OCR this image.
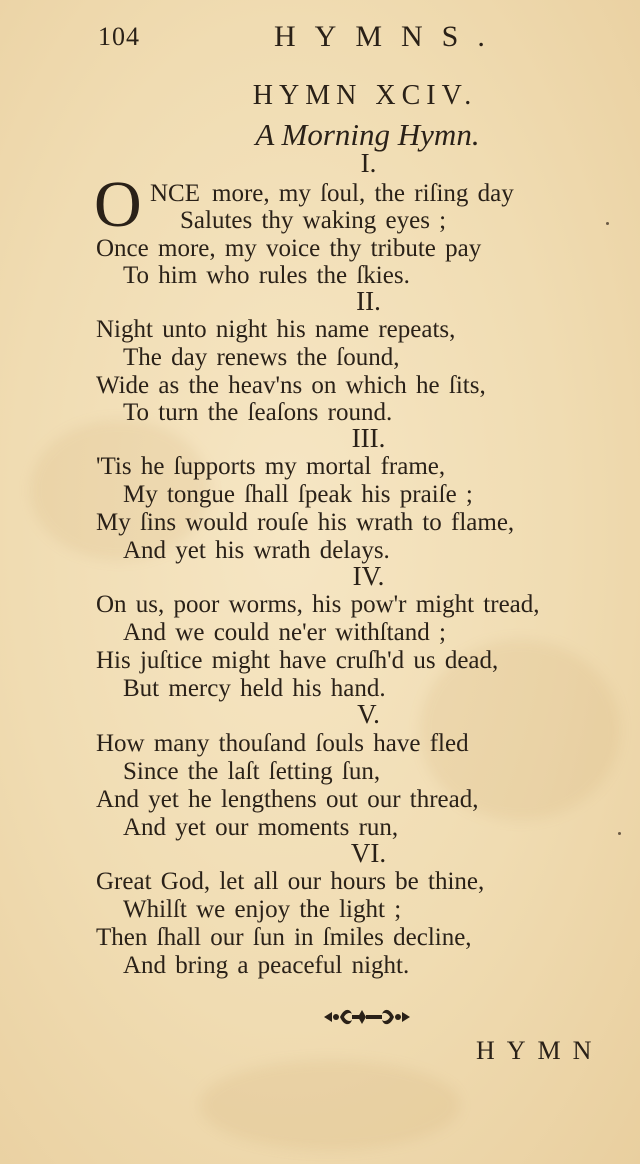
104	HYMNS.
HYMN XCIV.
A Morning Hymn.
I.
O NCE more, my ſoul, the riſing day
Salutes thy waking eyes ;
Once more, my voice thy tribute pay
To him who rules the ſkies.
II.
Night unto night his name repeats,
The day renews the ſound,
Wide as the heav'ns on which he ſits,
To turn the ſeaſons round.
III.
'Tis he ſupports my mortal frame,
My tongue ſhall ſpeak his praiſe ;
My ſins would rouſe his wrath to flame,
And yet his wrath delays.
IV.
On us, poor worms, his pow'r might tread,
And we could ne'er withſtand ;
His juſtice might have cruſh'd us dead,
But mercy held his hand.
V.
How many thouſand ſouls have fled
Since the laſt ſetting ſun,
And yet he lengthens out our thread,
And yet our moments run,
VI.
Great God, let all our hours be thine,
Whilſt we enjoy the light ;
Then ſhall our ſun in ſmiles decline,
And bring a peaceful night.
HYMN
